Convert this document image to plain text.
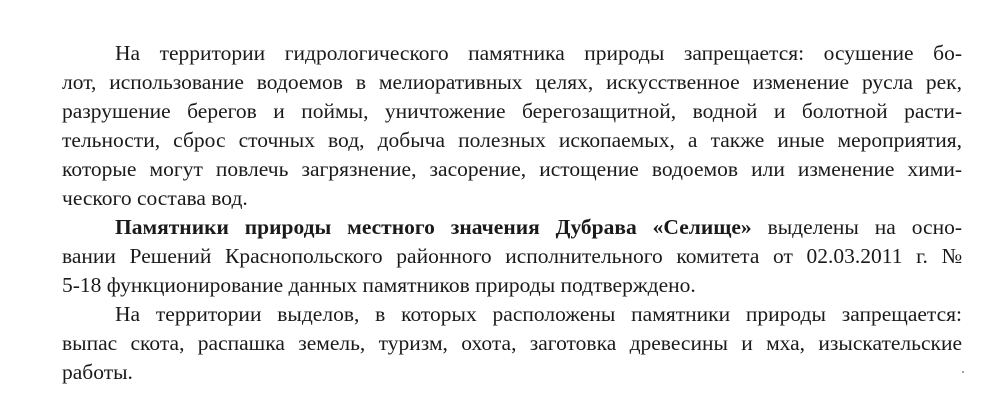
На территории гидрологического памятника природы запрещается: осушение бо-
лот, использование водоемов в мелиоративных целях, искусственное изменение русла рек,
разрушение берегов и поймы, уничтожение берегозащитной, водной и болотной расти-
тельности, сброс сточных вод, добыча полезных ископаемых, а также иные мероприятия,
которые могут повлечь загрязнение, засорение, истощение водоемов или изменение хими-
ческого состава вод.
Памятники природы местного значения Дубрава «Селище» выделены на осно-
вании Решений Краснопольского районного исполнительного комитета от 02.03.2011 г. №
5-18 функционирование данных памятников природы подтверждено.
На территории выделов, в которых расположены памятники природы запрещается:
выпас скота, распашка земель, туризм, охота, заготовка древесины и мха, изыскательские
работы.
